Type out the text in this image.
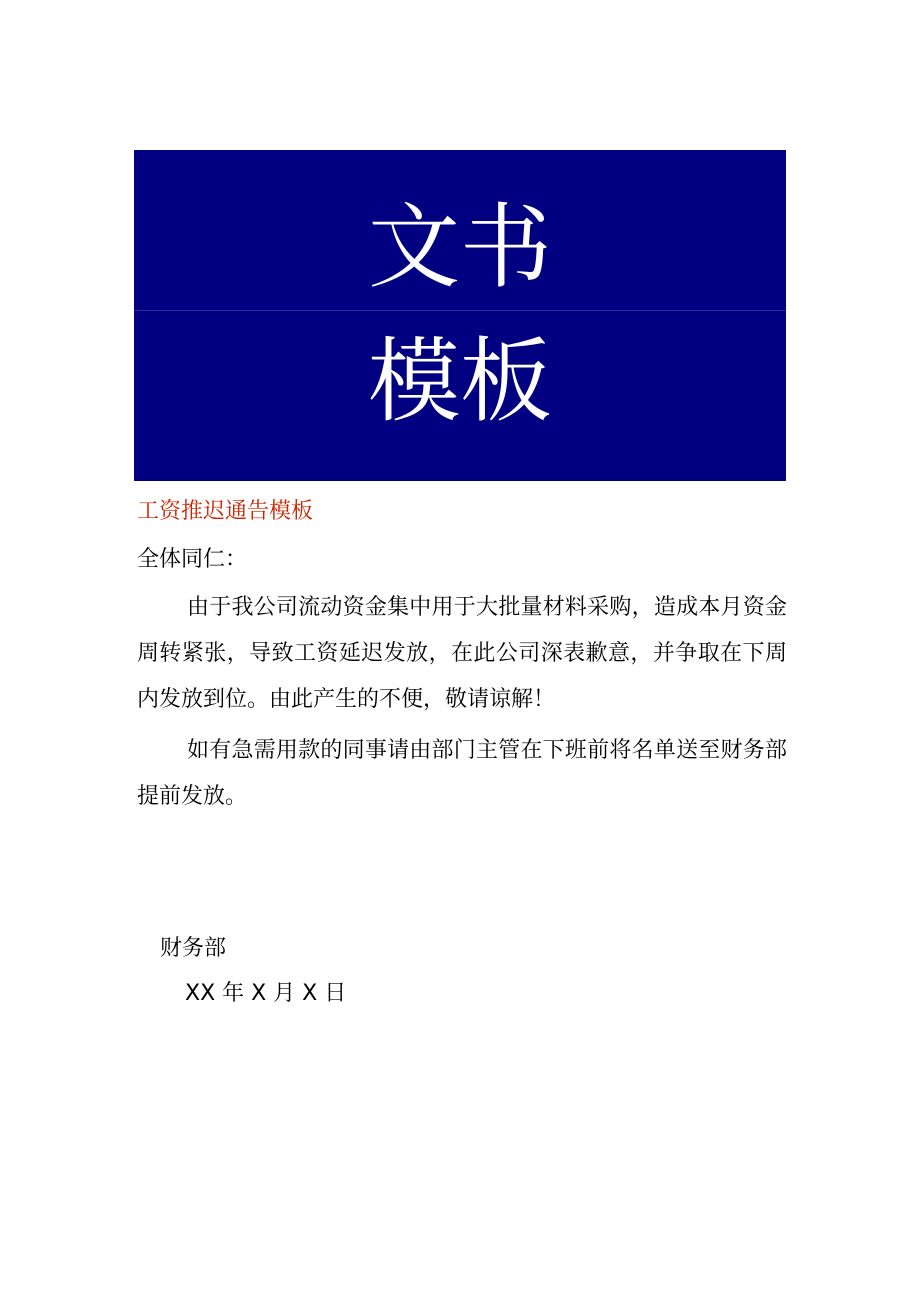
文书
模板
工资推迟通告模板
全体同仁：
由于我公司流动资金集中用于大批量材料采购，造成本月资金周转紧张，导致工资延迟发放，在此公司深表歉意，并争取在下周内发放到位。由此产生的不便，敬请谅解！
如有急需用款的同事请由部门主管在下班前将名单送至财务部提前发放。
财务部
XX 年 X 月 X 日
